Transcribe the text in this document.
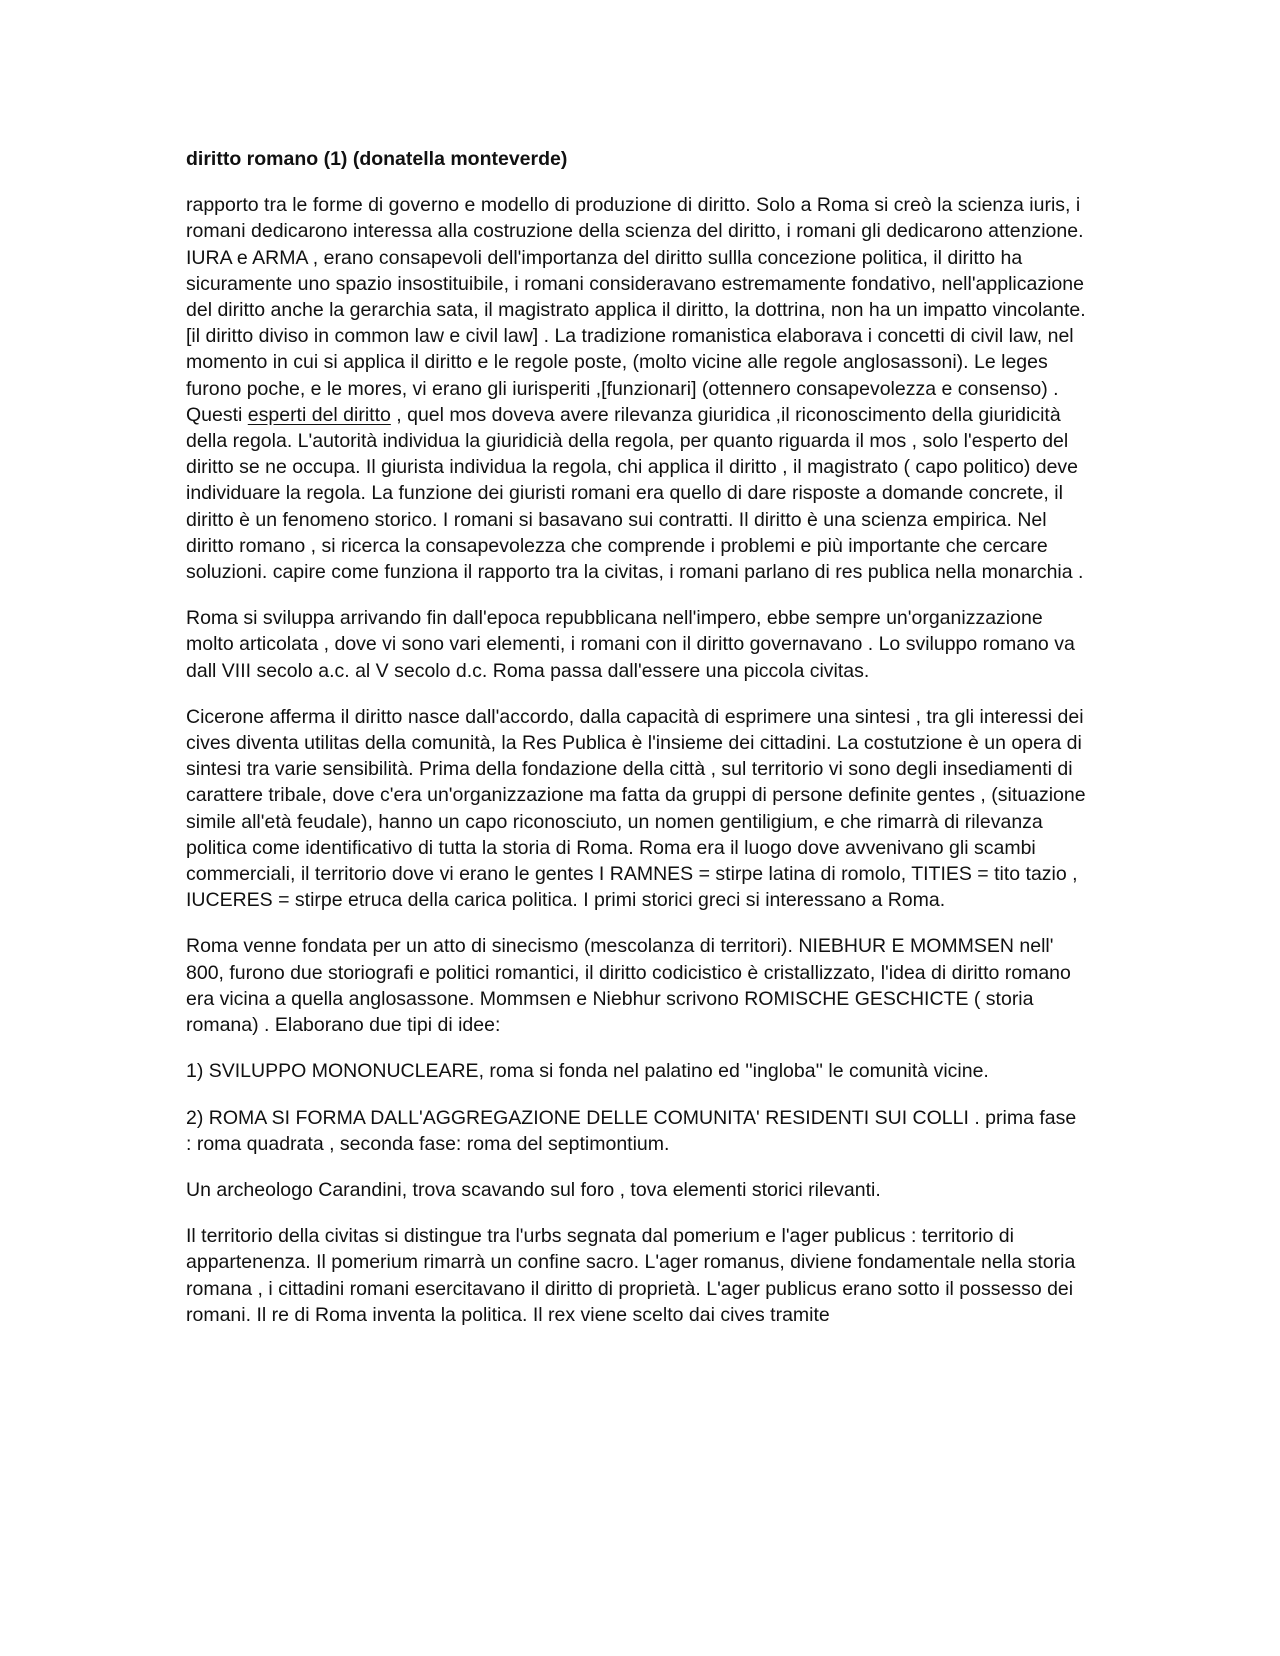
diritto romano (1) (donatella monteverde)

rapporto tra le forme di governo e modello di produzione di diritto. Solo a Roma si creò la scienza iuris, i romani dedicarono interessa alla costruzione della scienza del diritto, i romani gli dedicarono attenzione. IURA e ARMA , erano consapevoli dell'importanza del diritto sullla concezione politica, il diritto ha sicuramente uno spazio insostituibile, i romani consideravano estremamente fondativo, nell'applicazione del diritto anche la gerarchia sata, il magistrato applica il diritto, la dottrina, non ha un impatto vincolante. [il diritto diviso in common law e civil law] . La tradizione romanistica elaborava i concetti di civil law, nel momento in cui si applica il diritto e le regole poste, (molto vicine alle regole anglosassoni). Le leges furono poche, e le mores, vi erano gli iurisperiti ,[funzionari] (ottennero consapevolezza e consenso) . Questi esperti del diritto , quel mos doveva avere rilevanza giuridica ,il riconoscimento della giuridicità della regola. L'autorità individua la giuridicià della regola, per quanto riguarda il mos , solo l'esperto del diritto se ne occupa. Il giurista individua la regola, chi applica il diritto , il magistrato ( capo politico) deve individuare la regola. La funzione dei giuristi romani era quello di dare risposte a domande concrete, il diritto è un fenomeno storico. I romani si basavano sui contratti. Il diritto è una scienza empirica. Nel diritto romano , si ricerca la consapevolezza che comprende i problemi e più importante che cercare soluzioni. capire come funziona il rapporto tra la civitas, i romani parlano di res publica nella monarchia .

Roma si sviluppa arrivando fin dall'epoca repubblicana nell'impero, ebbe sempre un'organizzazione molto articolata , dove vi sono vari elementi, i romani con il diritto governavano . Lo sviluppo romano va dall VIII secolo a.c. al V secolo d.c. Roma passa dall'essere una piccola civitas.

Cicerone afferma il diritto nasce dall'accordo, dalla capacità di esprimere una sintesi , tra gli interessi dei cives diventa utilitas della comunità, la Res Publica è l'insieme dei cittadini. La costutzione è un opera di sintesi tra varie sensibilità. Prima della fondazione della città , sul territorio vi sono degli insediamenti di carattere tribale, dove c'era un'organizzazione ma fatta da gruppi di persone definite gentes , (situazione simile all'età feudale), hanno un capo riconosciuto, un nomen gentiligium, e che rimarrà di rilevanza politica come identificativo di tutta la storia di Roma. Roma era il luogo dove avvenivano gli scambi commerciali, il territorio dove vi erano le gentes I RAMNES = stirpe latina di romolo, TITIES = tito tazio , IUCERES = stirpe etruca della carica politica. I primi storici greci si interessano a Roma.

Roma venne fondata per un atto di sinecismo (mescolanza di territori). NIEBHUR E MOMMSEN nell' 800, furono due storiografi e politici romantici, il diritto codicistico è cristallizzato, l'idea di diritto romano era vicina a quella anglosassone. Mommsen e Niebhur scrivono ROMISCHE GESCHICTE ( storia romana) . Elaborano due tipi di idee:

1) SVILUPPO MONONUCLEARE, roma si fonda nel palatino ed ''ingloba'' le comunità vicine.

2) ROMA SI FORMA DALL'AGGREGAZIONE DELLE COMUNITA' RESIDENTI SUI COLLI . prima fase : roma quadrata , seconda fase: roma del septimontium.

Un archeologo Carandini, trova scavando sul foro , tova elementi storici rilevanti.

Il territorio della civitas si distingue tra l'urbs segnata dal pomerium e l'ager publicus : territorio di appartenenza. Il pomerium rimarrà un confine sacro. L'ager romanus, diviene fondamentale nella storia romana , i cittadini romani esercitavano il diritto di proprietà. L'ager publicus erano sotto il possesso dei romani. Il re di Roma inventa la politica. Il rex viene scelto dai cives tramite
